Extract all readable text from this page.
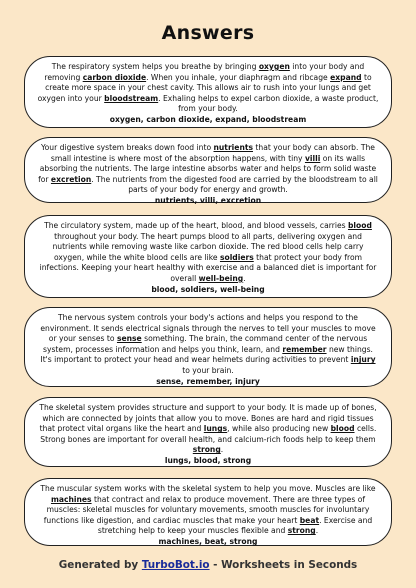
Answers

The respiratory system helps you breathe by bringing oxygen into your body and removing carbon dioxide. When you inhale, your diaphragm and ribcage expand to create more space in your chest cavity. This allows air to rush into your lungs and get oxygen into your bloodstream. Exhaling helps to expel carbon dioxide, a waste product, from your body.

oxygen, carbon dioxide, expand, bloodstream

Your digestive system breaks down food into nutrients that your body can absorb. The small intestine is where most of the absorption happens, with tiny villi on its walls absorbing the nutrients. The large intestine absorbs water and helps to form solid waste for excretion. The nutrients from the digested food are carried by the bloodstream to all parts of your body for energy and growth.

nutrients, villi, excretion

The circulatory system, made up of the heart, blood, and blood vessels, carries blood throughout your body. The heart pumps blood to all parts, delivering oxygen and nutrients while removing waste like carbon dioxide. The red blood cells help carry oxygen, while the white blood cells are like soldiers that protect your body from infections. Keeping your heart healthy with exercise and a balanced diet is important for overall well-being.

blood, soldiers, well-being

The nervous system controls your body's actions and helps you respond to the environment. It sends electrical signals through the nerves to tell your muscles to move or your senses to sense something. The brain, the command center of the nervous system, processes information and helps you think, learn, and remember new things. It's important to protect your head and wear helmets during activities to prevent injury to your brain.

sense, remember, injury

The skeletal system provides structure and support to your body. It is made up of bones, which are connected by joints that allow you to move. Bones are hard and rigid tissues that protect vital organs like the heart and lungs, while also producing new blood cells. Strong bones are important for overall health, and calcium-rich foods help to keep them strong.

lungs, blood, strong

The muscular system works with the skeletal system to help you move. Muscles are like machines that contract and relax to produce movement. There are three types of muscles: skeletal muscles for voluntary movements, smooth muscles for involuntary functions like digestion, and cardiac muscles that make your heart beat. Exercise and stretching help to keep your muscles flexible and strong.

machines, beat, strong

Generated by TurboBot.io - Worksheets in Seconds
